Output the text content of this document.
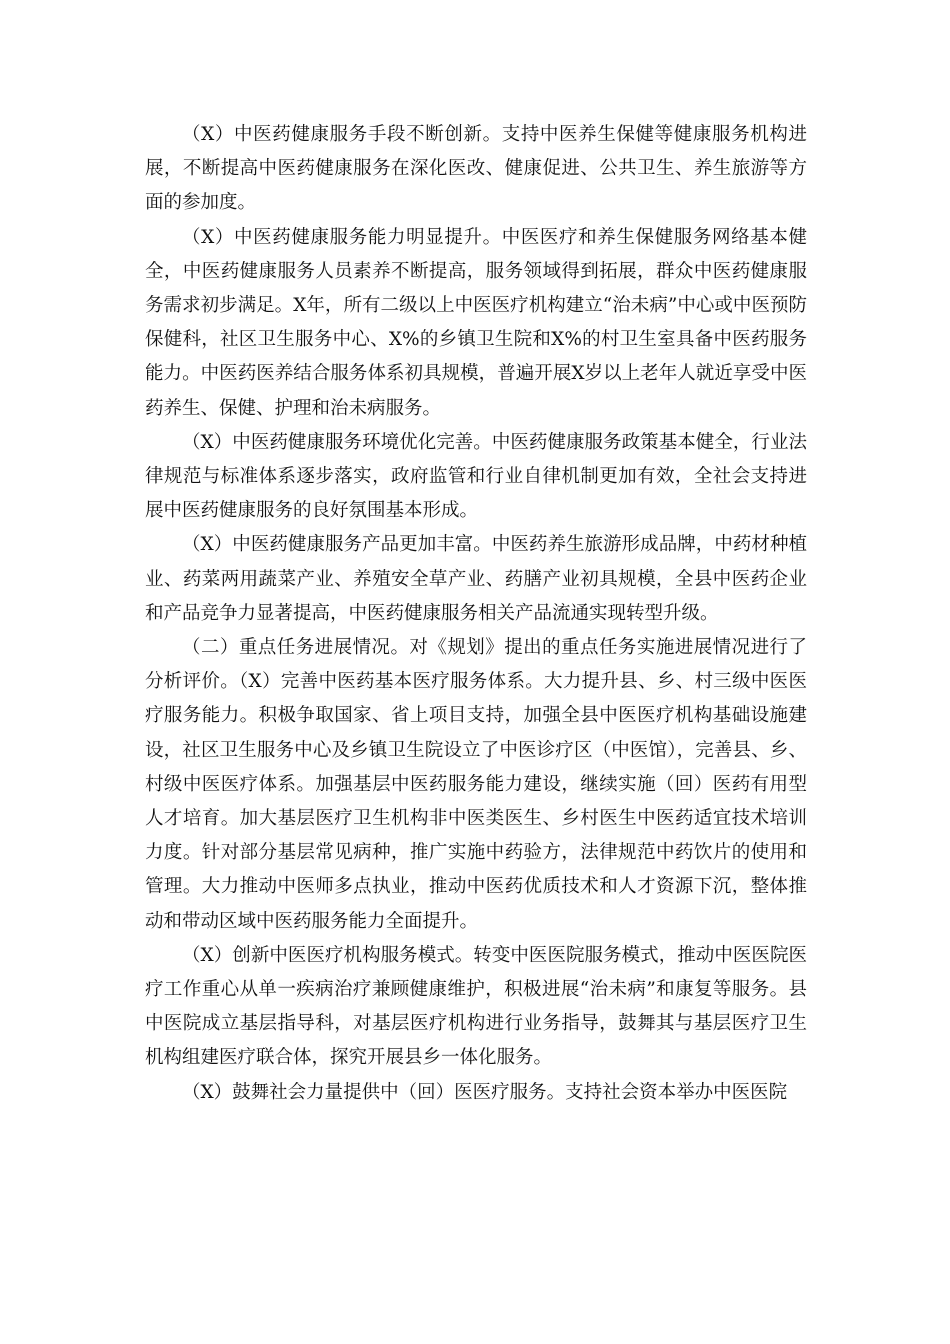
（X）中医药健康服务手段不断创新。支持中医养生保健等健康服务机构进展，不断提高中医药健康服务在深化医改、健康促进、公共卫生、养生旅游等方面的参加度。

（X）中医药健康服务能力明显提升。中医医疗和养生保健服务网络基本健全，中医药健康服务人员素养不断提高，服务领域得到拓展，群众中医药健康服务需求初步满足。X年，所有二级以上中医医疗机构建立“治未病”中心或中医预防保健科，社区卫生服务中心、X%的乡镇卫生院和X%的村卫生室具备中医药服务能力。中医药医养结合服务体系初具规模，普遍开展X岁以上老年人就近享受中医药养生、保健、护理和治未病服务。

（X）中医药健康服务环境优化完善。中医药健康服务政策基本健全，行业法律规范与标准体系逐步落实，政府监管和行业自律机制更加有效，全社会支持进展中医药健康服务的良好氛围基本形成。

（X）中医药健康服务产品更加丰富。中医药养生旅游形成品牌，中药材种植业、药菜两用蔬菜产业、养殖安全草产业、药膳产业初具规模，全县中医药企业和产品竞争力显著提高，中医药健康服务相关产品流通实现转型升级。

（二）重点任务进展情况。对《规划》提出的重点任务实施进展情况进行了分析评价。（X）完善中医药基本医疗服务体系。大力提升县、乡、村三级中医医疗服务能力。积极争取国家、省上项目支持，加强全县中医医疗机构基础设施建设，社区卫生服务中心及乡镇卫生院设立了中医诊疗区（中医馆），完善县、乡、村级中医医疗体系。加强基层中医药服务能力建设，继续实施（回）医药有用型人才培育。加大基层医疗卫生机构非中医类医生、乡村医生中医药适宜技术培训力度。针对部分基层常见病种，推广实施中药验方，法律规范中药饮片的使用和管理。大力推动中医师多点执业，推动中医药优质技术和人才资源下沉，整体推动和带动区域中医药服务能力全面提升。

（X）创新中医医疗机构服务模式。转变中医医院服务模式，推动中医医院医疗工作重心从单一疾病治疗兼顾健康维护，积极进展“治未病”和康复等服务。县中医院成立基层指导科，对基层医疗机构进行业务指导，鼓舞其与基层医疗卫生机构组建医疗联合体，探究开展县乡一体化服务。

（X）鼓舞社会力量提供中（回）医医疗服务。支持社会资本举办中医医院
